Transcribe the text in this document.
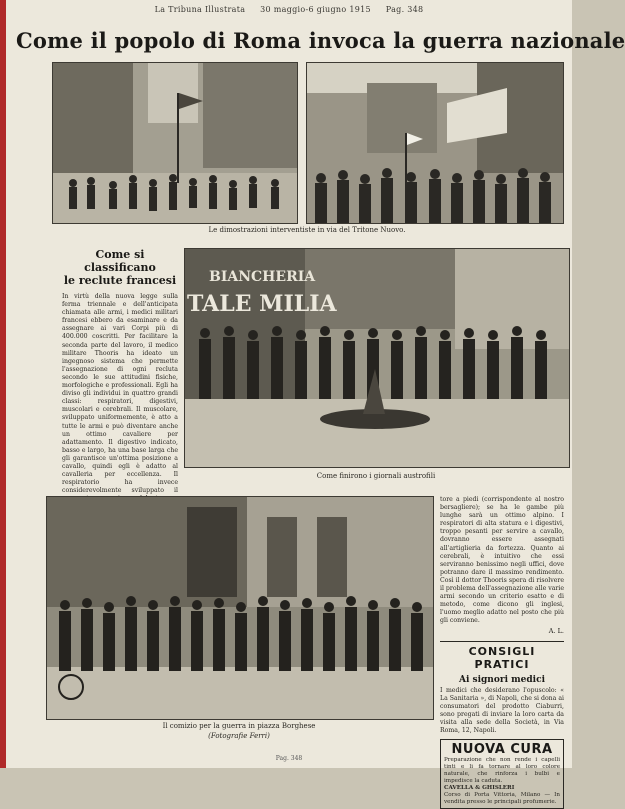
La Tribuna Illustrata 30 maggio-6 giugno 1915 Pag. 348
Come il popolo di Roma invoca la guerra nazionale
Le dimostrazioni interventiste in via del Tritone Nuovo.
Come si classificano
le reclute francesi

In virtù della nuova legge sulla ferma triennale e dell'anticipata chiamata alle armi, i medici militari francesi ebbero da esaminare e da assegnare ai vari Corpi più di 400.000 coscritti. Per facilitare la seconda parte del lavoro, il medico militare Thooris ha ideato un ingegnoso sistema che permette l'assegnazione di ogni recluta secondo le sue attitudini fisiche, morfologiche e professionali. Egli ha diviso gli individui in quattro grandi classi: respiratori, digestivi, muscolari e cerebrali. Il muscolare, sviluppato uniformemente, è atto a tutte le armi e può diventare anche un ottimo cavaliere per adattamento. Il digestivo indicato, basso e largo, ha una base larga che gli garantisce un'ottima posizione a cavallo, quindi egli è adatto al cavalleria per eccellenza. Il respiratorio ha invece considerevolmente sviluppato il

BIANCHERIA
TALE MILIA
Come finirono i giornali austrofili
Il comizio per la guerra in piazza Borghese
(Fotografie Ferri)

tore a piedi (corrispondente al nostro bersagliere); se ha le gambe più lunghe sarà un ottimo alpino. I respiratori di alta statura e i digestivi, troppo pesanti per servire a cavallo, dovranno essere assegnati all'artiglieria da fortezza. Quanto ai cerebrali, è intuitivo che essi serviranno benissimo negli uffici, dove potranno dare il massimo rendimento. Così il dottor Thooris spera di risolvere il problema dell'assegnazione alle varie armi secondo un criterio esatto e di metodo, come dicono gli inglesi, l'uomo meglio adatto nel posto che più gli conviene.

A. L.
CONSIGLI PRATICI
Ai signori medici

I medici che desiderano l'opuscolo: « La Sanitaria », di Napoli, che si dona ai consumatori del prodotto Ciaburri, sono pregati di inviare la loro carta da visita alla sede della Società, in Via Roma, 12, Napoli.

NUOVA CURA

Preparazione che non rende i capelli tinti e li fa tornare al loro colore naturale, che rinforza i bulbi e impedisce la caduta.

CAVELLA & GHISLERI

Corso di Porta Vittoria, Milano — In vendita presso le principali profumerie.

Pag. 348
